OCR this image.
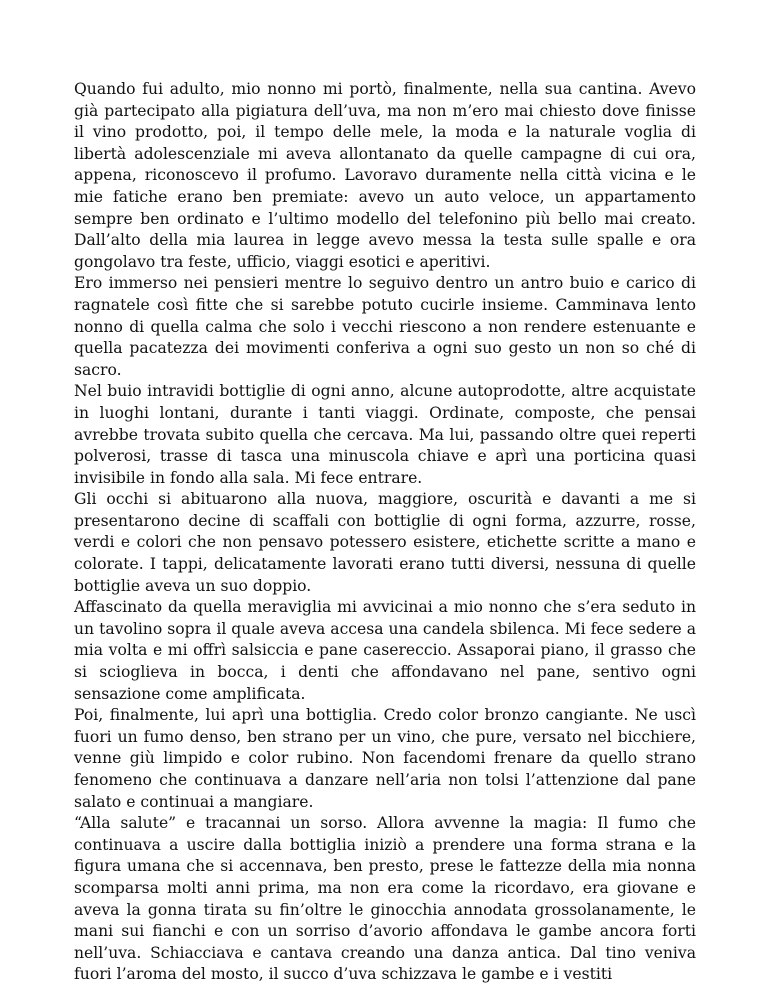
Quando fui adulto, mio nonno mi portò, finalmente, nella sua cantina. Avevo già partecipato alla pigiatura dell’uva, ma non m’ero mai chiesto dove finisse il vino prodotto, poi, il tempo delle mele, la moda e la naturale voglia di libertà adolescenziale mi aveva allontanato da quelle campagne di cui ora, appena, riconoscevo il profumo. Lavoravo duramente nella città vicina e le mie fatiche erano ben premiate: avevo un auto veloce, un appartamento sempre ben ordinato e l’ultimo modello del telefonino più bello mai creato. Dall’alto della mia laurea in legge avevo messa la testa sulle spalle e ora gongolavo tra feste, ufficio, viaggi esotici e aperitivi.

Ero immerso nei pensieri mentre lo seguivo dentro un antro buio e carico di ragnatele così fitte che si sarebbe potuto cucirle insieme. Camminava lento nonno di quella calma che solo i vecchi riescono a non rendere estenuante e quella pacatezza dei movimenti conferiva a ogni suo gesto un non so ché di sacro.

Nel buio intravidi bottiglie di ogni anno, alcune autoprodotte, altre acquistate in luoghi lontani, durante i tanti viaggi. Ordinate, composte, che pensai avrebbe trovata subito quella che cercava. Ma lui, passando oltre quei reperti polverosi, trasse di tasca una minuscola chiave e aprì una porticina quasi invisibile in fondo alla sala. Mi fece entrare.

Gli occhi si abituarono alla nuova, maggiore, oscurità e davanti a me si presentarono decine di scaffali con bottiglie di ogni forma, azzurre, rosse, verdi e colori che non pensavo potessero esistere, etichette scritte a mano e colorate. I tappi, delicatamente lavorati erano tutti diversi, nessuna di quelle bottiglie aveva un suo doppio.

Affascinato da quella meraviglia mi avvicinai a mio nonno che s’era seduto in un tavolino sopra il quale aveva accesa una candela sbilenca. Mi fece sedere a mia volta e mi offrì salsiccia e pane casereccio. Assaporai piano, il grasso che si scioglieva in bocca, i denti che affondavano nel pane, sentivo ogni sensazione come amplificata.

Poi, finalmente, lui aprì una bottiglia. Credo color bronzo cangiante. Ne uscì fuori un fumo denso, ben strano per un vino, che pure, versato nel bicchiere, venne giù limpido e color rubino. Non facendomi frenare da quello strano fenomeno che continuava a danzare nell’aria non tolsi l’attenzione dal pane salato e continuai a mangiare.

“Alla salute” e tracannai un sorso. Allora avvenne la magia: Il fumo che continuava a uscire dalla bottiglia iniziò a prendere una forma strana e la figura umana che si accennava, ben presto, prese le fattezze della mia nonna scomparsa molti anni prima, ma non era come la ricordavo, era giovane e aveva la gonna tirata su fin’oltre le ginocchia annodata grossolanamente, le mani sui fianchi e con un sorriso d’avorio affondava le gambe ancora forti nell’uva. Schiacciava e cantava creando una danza antica. Dal tino veniva fuori l’aroma del mosto, il succo d’uva schizzava le gambe e i vestiti
